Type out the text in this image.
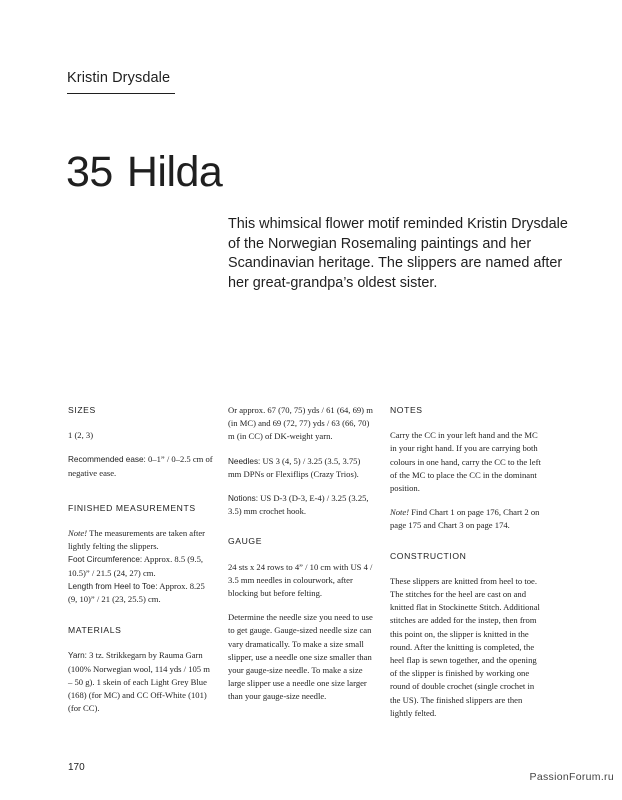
Kristin Drysdale
35 Hilda

This whimsical flower motif reminded Kristin Drysdale of the Norwegian Rosemaling paintings and her Scandinavian heritage. The slippers are named after her great-grandpa’s oldest sister.

SIZES

1 (2, 3)

Recommended ease: 0–1” / 0–2.5 cm of negative ease.

FINISHED MEASUREMENTS
Note! The measurements are taken after lightly felting the slippers.
Foot Circumference: Approx. 8.5 (9.5, 10.5)” / 21.5 (24, 27) cm.
Length from Heel to Toe: Approx. 8.25 (9, 10)” / 21 (23, 25.5) cm.
MATERIALS

Yarn: 3 tz. Strikkegarn by Rauma Garn (100% Norwegian wool, 114 yds / 105 m – 50 g). 1 skein of each Light Grey Blue (168) (for MC) and CC Off-White (101) (for CC).

Or approx. 67 (70, 75) yds / 61 (64, 69) m (in MC) and 69 (72, 77) yds / 63 (66, 70) m (in CC) of DK-weight yarn.

Needles: US 3 (4, 5) / 3.25 (3.5, 3.75) mm DPNs or Flexiflips (Crazy Trios).

Notions: US D-3 (D-3, E-4) / 3.25 (3.25, 3.5) mm crochet hook.

GAUGE

24 sts x 24 rows to 4” / 10 cm with US 4 / 3.5 mm needles in colourwork, after blocking but before felting.

Determine the needle size you need to use to get gauge. Gauge-sized needle size can vary dramatically. To make a size small slipper, use a needle one size smaller than your gauge-size needle. To make a size large slipper use a needle one size larger than your gauge-size needle.

NOTES

Carry the CC in your left hand and the MC in your right hand. If you are carrying both colours in one hand, carry the CC to the left of the MC to place the CC in the dominant position.

Note! Find Chart 1 on page 176, Chart 2 on page 175 and Chart 3 on page 174.

CONSTRUCTION

These slippers are knitted from heel to toe. The stitches for the heel are cast on and knitted flat in Stockinette Stitch. Additional stitches are added for the instep, then from this point on, the slipper is knitted in the round. After the knitting is completed, the heel flap is sewn together, and the opening of the slipper is finished by working one round of double crochet (single crochet in the US). The finished slippers are then lightly felted.

170
PassionForum.ru
